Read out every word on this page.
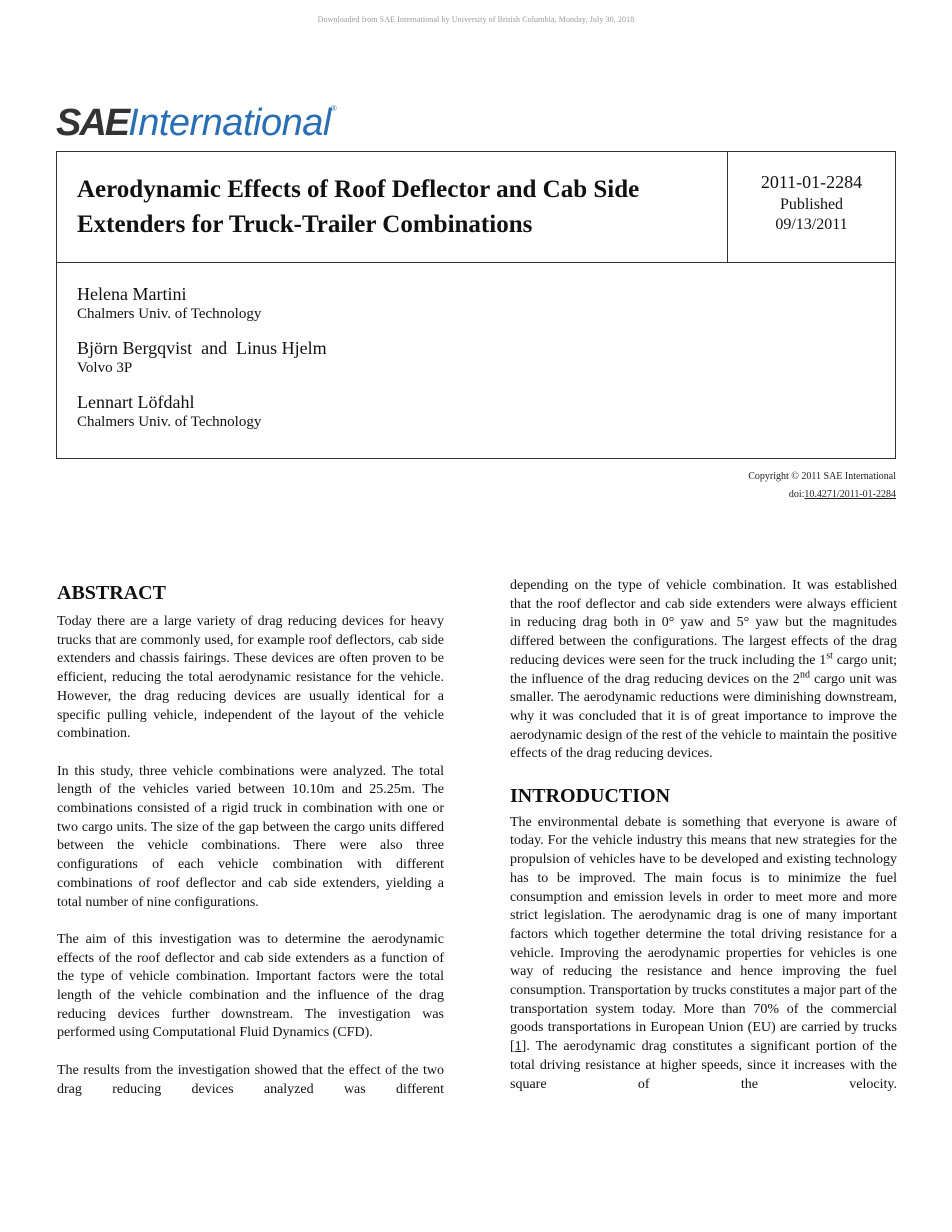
Downloaded from SAE International by University of British Columbia, Monday, July 30, 2018
SAEInternational®
Aerodynamic Effects of Roof Deflector and Cab Side Extenders for Truck-Trailer Combinations
2011-01-2284
Published
09/13/2011
Helena Martini
Chalmers Univ. of Technology
Björn Bergqvist  and  Linus Hjelm
Volvo 3P
Lennart Löfdahl
Chalmers Univ. of Technology
Copyright © 2011 SAE International
doi:10.4271/2011-01-2284
ABSTRACT

Today there are a large variety of drag reducing devices for heavy trucks that are commonly used, for example roof deflectors, cab side extenders and chassis fairings. These devices are often proven to be efficient, reducing the total aerodynamic resistance for the vehicle. However, the drag reducing devices are usually identical for a specific pulling vehicle, independent of the layout of the vehicle combination.

In this study, three vehicle combinations were analyzed. The total length of the vehicles varied between 10.10m and 25.25m. The combinations consisted of a rigid truck in combination with one or two cargo units. The size of the gap between the cargo units differed between the vehicle combinations. There were also three configurations of each vehicle combination with different combinations of roof deflector and cab side extenders, yielding a total number of nine configurations.

The aim of this investigation was to determine the aerodynamic effects of the roof deflector and cab side extenders as a function of the type of vehicle combination. Important factors were the total length of the vehicle combination and the influence of the drag reducing devices further downstream. The investigation was performed using Computational Fluid Dynamics (CFD).

The results from the investigation showed that the effect of the two drag reducing devices analyzed was different

depending on the type of vehicle combination. It was established that the roof deflector and cab side extenders were always efficient in reducing drag both in 0° yaw and 5° yaw but the magnitudes differed between the configurations. The largest effects of the drag reducing devices were seen for the truck including the 1st cargo unit; the influence of the drag reducing devices on the 2nd cargo unit was smaller. The aerodynamic reductions were diminishing downstream, why it was concluded that it is of great importance to improve the aerodynamic design of the rest of the vehicle to maintain the positive effects of the drag reducing devices.

INTRODUCTION

The environmental debate is something that everyone is aware of today. For the vehicle industry this means that new strategies for the propulsion of vehicles have to be developed and existing technology has to be improved. The main focus is to minimize the fuel consumption and emission levels in order to meet more and more strict legislation. The aerodynamic drag is one of many important factors which together determine the total driving resistance for a vehicle. Improving the aerodynamic properties for vehicles is one way of reducing the resistance and hence improving the fuel consumption. Transportation by trucks constitutes a major part of the transportation system today. More than 70% of the commercial goods transportations in European Union (EU) are carried by trucks [1]. The aerodynamic drag constitutes a significant portion of the total driving resistance at higher speeds, since it increases with the square of the velocity.
